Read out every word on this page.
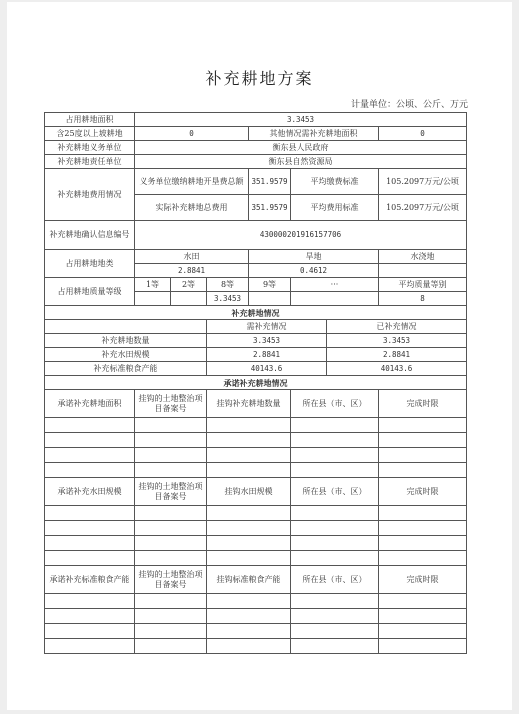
补充耕地方案
计量单位：公顷、公斤、万元
占用耕地面积	3.3453						
含25度以上坡耕地	0			其他情况需补充耕地面积			0
补充耕地义务单位	衡东县人民政府						
补充耕地责任单位	衡东县自然资源局						
补充耕地费用情况	义务单位缴纳耕地开垦费总额			351.9579	平均缴费标准		105.2097万元/公顷
	实际补充耕地总费用			351.9579	平均费用标准		105.2097万元/公顷
补充耕地确认信息编号	430000201916157706						
占用耕地地类	水田			旱地			水浇地
	2.8841			0.4612			
占用耕地质量等级	1等	2等	8等	9等	···		平均质量等别
			3.3453				8
补充耕地情况							
			需补充情况			已补充情况	
补充耕地数量			3.3453			3.3453	
补充水田规模			2.8841			2.8841	
补充标准粮食产能			40143.6			40143.6	
承诺补充耕地情况							
承诺补充耕地面积	挂钩的土地整治项目备案号		挂钩补充耕地数量		所在县（市、区）		完成时限

承诺补充水田规模	挂钩的土地整治项目备案号		挂钩水田规模		所在县（市、区）		完成时限

承诺补充标准粮食产能	挂钩的土地整治项目备案号		挂钩标准粮食产能		所在县（市、区）		完成时限
